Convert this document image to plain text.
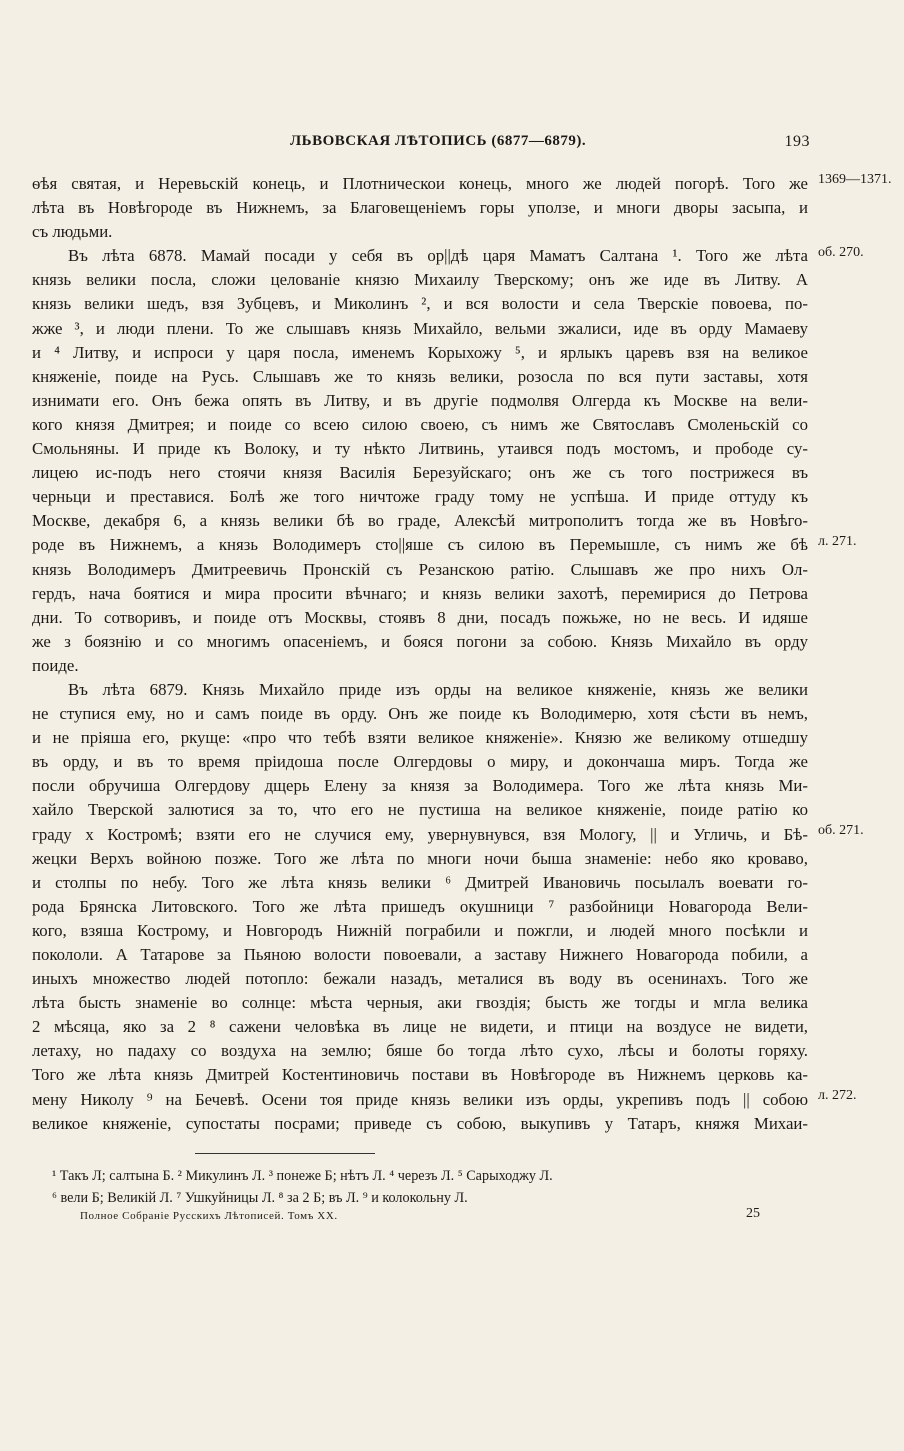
ЛЬВОВСКАЯ ЛѢТОПИСЬ (6877—6879).	193
ѳѣя святая, и Неревьскій конець, и Плотническои конець, много же людей погорѣ. Того же
лѣта въ Новѣгороде въ Нижнемъ, за Благовещеніемъ горы уползе, и многи дворы засыпа, и
съ людьми.
Въ лѣта 6878. Мамай посади у себя въ ор||дѣ царя Маматъ Салтана ¹. Того же лѣта
князь велики посла, сложи целованіе князю Михаилу Тверскому; онъ же иде въ Литву. А
князь велики шедъ, взя Зубцевъ, и Миколинъ ², и вся волости и села Тверскіе повоева, по-
жже ³, и люди плени. То же слышавъ князь Михайло, вельми зжалиси, иде въ орду Мамаеву
и ⁴ Литву, и испроси у царя посла, именемъ Корыхожу ⁵, и ярлыкъ царевъ взя на великое
княженіе, поиде на Русь. Слышавъ же то князь велики, розосла по вся пути заставы, хотя
изнимати его. Онъ бежа опять въ Литву, и въ другіе подмолвя Олгерда къ Москве на вели-
кого князя Дмитрея; и поиде со всею силою своею, съ нимъ же Святославъ Смоленьскій со
Смольняны. И приде къ Волоку, и ту нѣкто Литвинь, утаився подъ мостомъ, и прободе су-
лицею ис-подъ него стоячи князя Василія Березуйскаго; онъ же съ того пострижеся въ
черньци и преставися. Болѣ же того ничтоже граду тому не успѣша. И приде оттуду къ
Москве, декабря 6, а князь велики бѣ во граде, Алексѣй митрополитъ тогда же въ Новѣго-
роде въ Нижнемъ, а князь Володимеръ сто||яше съ силою въ Перемышле, съ нимъ же бѣ
князь Володимеръ Дмитреевичь Пронскій съ Резанскою ратію. Слышавъ же про нихъ Ол-
гердъ, нача боятися и мира просити вѣчнаго; и князь велики захотѣ, перемирися до Петрова
дни. То сотворивъ, и поиде отъ Москвы, стоявъ 8 дни, посадъ пожьже, но не весь. И идяше
же з боязнію и со многимъ опасеніемъ, и бояся погони за собою. Князь Михайло въ орду
поиде.
Въ лѣта 6879. Князь Михайло приде изъ орды на великое княженіе, князь же велики
не ступися ему, но и самъ поиде въ орду. Онъ же поиде къ Володимерю, хотя сѣсти въ немъ,
и не пріяша его, ркуще: «про что тебѣ взяти великое княженіе». Князю же великому отшедшу
въ орду, и въ то время пріидоша после Олгердовы о миру, и докончаша миръ. Тогда же
посли обручиша Олгердову дщерь Елену за князя за Володимера. Того же лѣта князь Ми-
хайло Тверской залютися за то, что его не пустиша на великое княженіе, поиде ратію ко
граду х Костромѣ; взяти его не случися ему, увернувнувся, взя Мологу, || и Угличь, и Бѣ-
жецки Верхъ войною позже. Того же лѣта по многи ночи быша знаменіе: небо яко кроваво,
и столпы по небу. Того же лѣта князь велики ⁶ Дмитрей Ивановичь посылалъ воевати го-
рода Брянска Литовского. Того же лѣта пришедъ окушници ⁷ разбойници Новагорода Вели-
кого, взяша Кострому, и Новгородъ Нижній пограбили и пожгли, и людей много посѣкли и
покололи. А Татарове за Пьяною волости повоевали, а заставу Нижнего Новагорода побили, а
иныхъ множество людей потопло: бежали назадъ, металися въ воду въ осенинахъ. Того же
лѣта бысть знаменіе во солнце: мѣста черныя, аки гвоздія; бысть же тогды и мгла велика
2 мѣсяца, яко за 2 ⁸ сажени человѣка въ лице не видети, и птици на воздусе не видети,
летаху, но падаху со воздуха на землю; бяше бо тогда лѣто сухо, лѣсы и болоты горяху.
Того же лѣта князь Дмитрей Костентиновичь постави въ Новѣгороде въ Нижнемъ церковь ка-
мену Николу ⁹ на Бечевѣ. Осени тоя приде князь велики изъ орды, укрепивъ подъ || собою
великое княженіе, супостаты посрами; приведе съ собою, выкупивъ у Татаръ, княжя Михаи-
1369—1371.
об. 270.
л. 271.
об. 271.
л. 272.
¹ Такъ Л; салтына Б. ² Микулинъ Л. ³ понеже Б; нѣтъ Л. ⁴ черезъ Л. ⁵ Сарыходжу Л.
⁶ вели Б; Великій Л. ⁷ Ушкуйницы Л. ⁸ за 2 Б; въ Л. ⁹ и колокольну Л.
Полное Собраніе Русскихъ Лѣтописей. Томъ XX.	25
